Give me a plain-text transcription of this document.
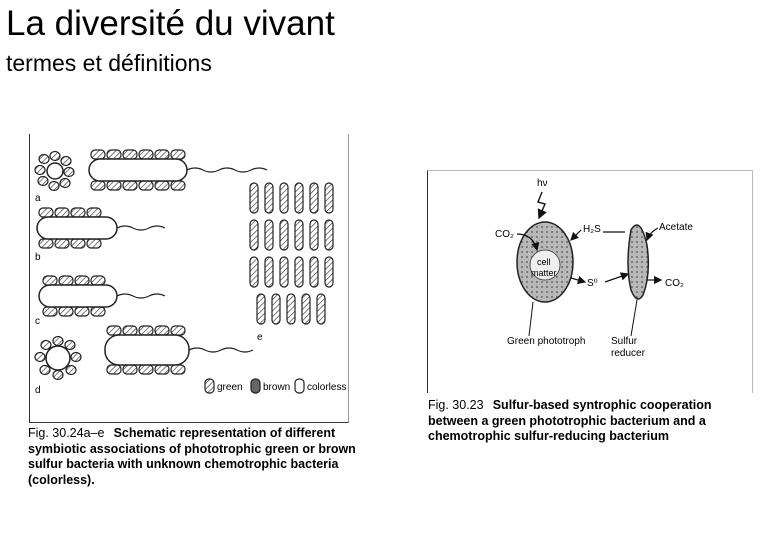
La diversité du vivant
termes et définitions
a
b
c
d
e
green brown colorless
Fig. 30.24a–e Schematic representation of different symbiotic associations of phototrophic green or brown sulfur bacteria with unknown chemotrophic bacteria (colorless).
hν
cell
matter
CO₂	H₂S	Acetate
S⁰	CO₂
Green phototroph	Sulfur reducer
Fig. 30.23 Sulfur-based syntrophic cooperation between a green phototrophic bacterium and a chemotrophic sulfur-reducing bacterium
